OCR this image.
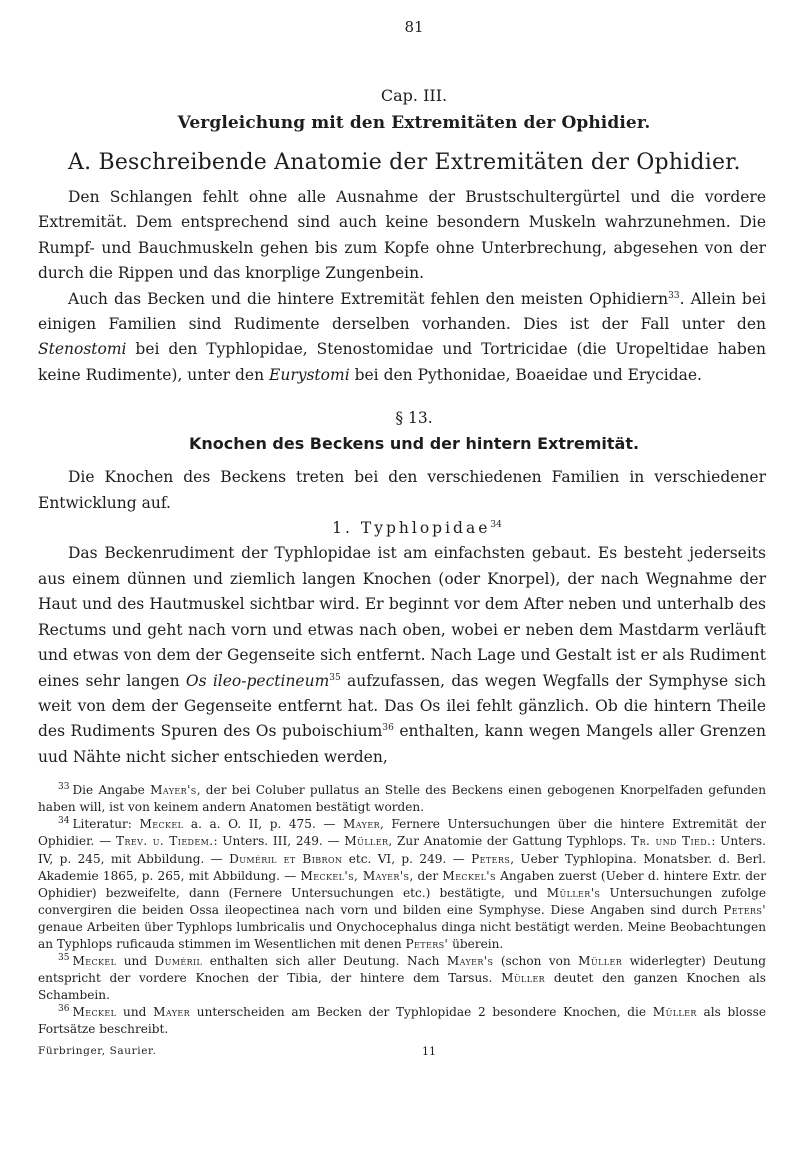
81
Cap. III.
Vergleichung mit den Extremitäten der Ophidier.
A. Beschreibende Anatomie der Extremitäten der Ophidier.

Den Schlangen fehlt ohne alle Ausnahme der Brustschultergürtel und die vordere Extremität. Dem entsprechend sind auch keine besondern Muskeln wahrzunehmen. Die Rumpf- und Bauchmuskeln gehen bis zum Kopfe ohne Unterbrechung, abgesehen von der durch die Rippen und das knorplige Zungenbein.

Auch das Becken und die hintere Extremität fehlen den meisten Ophidiern$^{33}$. Allein bei einigen Familien sind Rudimente derselben vorhanden. Dies ist der Fall unter den Stenostomi bei den Typhlopidae, Stenostomidae und Tortricidae (die Uropeltidae haben keine Rudimente), unter den Eurystomi bei den Pythonidae, Boaeidae und Erycidae.

§ 13.
Knochen des Beckens und der hintern Extremität.

Die Knochen des Beckens treten bei den verschiedenen Familien in verschiedener Entwicklung auf.

1. Typhlopidae$^{34}$

Das Beckenrudiment der Typhlopidae ist am einfachsten gebaut. Es besteht jederseits aus einem dünnen und ziemlich langen Knochen (oder Knorpel), der nach Wegnahme der Haut und des Hautmuskel sichtbar wird. Er beginnt vor dem After neben und unterhalb des Rectums und geht nach vorn und etwas nach oben, wobei er neben dem Mastdarm verläuft und etwas von dem der Gegenseite sich entfernt. Nach Lage und Gestalt ist er als Rudiment eines sehr langen Os ileo-pectineum$^{35}$ aufzufassen, das wegen Wegfalls der Symphyse sich weit von dem der Gegenseite entfernt hat. Das Os ilei fehlt gänzlich. Ob die hintern Theile des Rudiments Spuren des Os puboischium$^{36}$ enthalten, kann wegen Mangels aller Grenzen uud Nähte nicht sicher entschieden werden,

$^{33}$ Die Angabe Mayer's, der bei Coluber pullatus an Stelle des Beckens einen gebogenen Knorpelfaden gefunden haben will, ist von keinem andern Anatomen bestätigt worden.

$^{34}$ Literatur: Meckel a. a. O. II, p. 475. — Mayer, Fernere Untersuchungen über die hintere Extremität der Ophidier. — Trev. u. Tiedem.: Unters. III, 249. — Müller, Zur Anatomie der Gattung Typhlops. Tr. und Tied.: Unters. IV, p. 245, mit Abbildung. — Duméril et Bibron etc. VI, p. 249. — Peters, Ueber Typhlopina. Monatsber. d. Berl. Akademie 1865, p. 265, mit Abbildung. — Meckel's, Mayer's, der Meckel's Angaben zuerst (Ueber d. hintere Extr. der Ophidier) bezweifelte, dann (Fernere Untersuchungen etc.) bestätigte, und Müller's Untersuchungen zufolge convergiren die beiden Ossa ileopectinea nach vorn und bilden eine Symphyse. Diese Angaben sind durch Peters' genaue Arbeiten über Typhlops lumbricalis und Onychocephalus dinga nicht bestätigt werden. Meine Beobachtungen an Typhlops ruficauda stimmen im Wesentlichen mit denen Peters' überein.

$^{35}$ Meckel und Duméril enthalten sich aller Deutung. Nach Mayer's (schon von Müller widerlegter) Deutung entspricht der vordere Knochen der Tibia, der hintere dem Tarsus. Müller deutet den ganzen Knochen als Schambein.

$^{36}$ Meckel und Mayer unterscheiden am Becken der Typhlopidae 2 besondere Knochen, die Müller als blosse Fortsätze beschreibt.

Fürbringer, Saurier.	11
